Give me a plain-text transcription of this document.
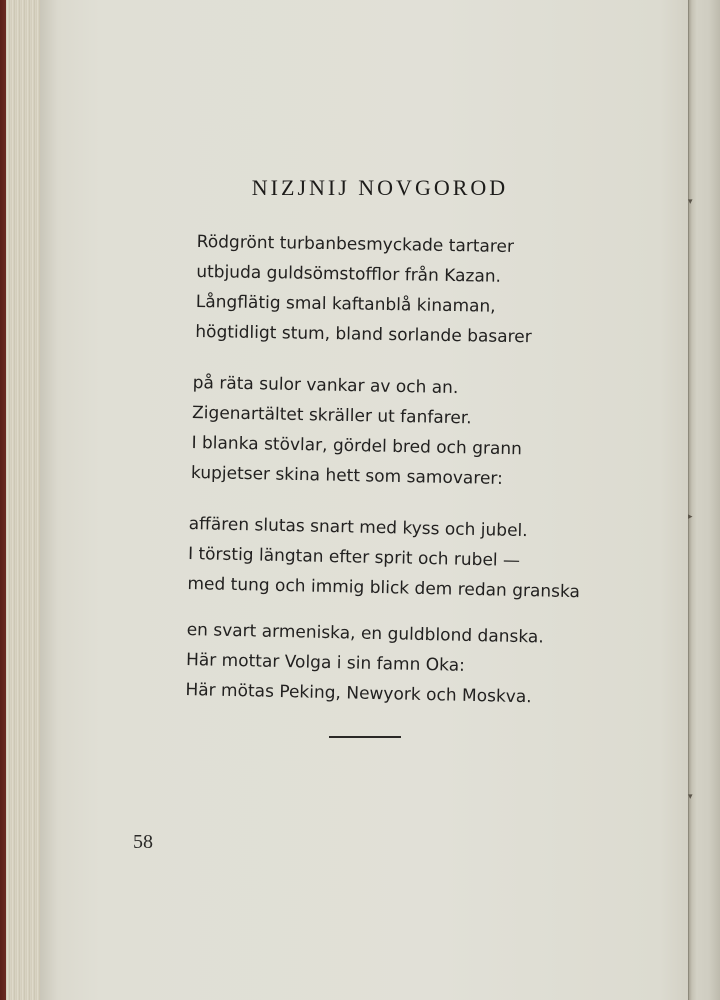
▾
▸
▾
NIZJNIJ NOVGOROD
Rödgrönt turbanbesmyckade tartarer
utbjuda guldsömstofflor från Kazan.
Långflätig smal kaftanblå kinaman,
högtidligt stum, bland sorlande basarer
på räta sulor vankar av och an.
Zigenartältet skräller ut fanfarer.
I blanka stövlar, gördel bred och grann
kupjetser skina hett som samovarer:
affären slutas snart med kyss och jubel.
I törstig längtan efter sprit och rubel —
med tung och immig blick dem redan granska
en svart armeniska, en guldblond danska.
Här mottar Volga i sin famn Oka:
Här mötas Peking, Newyork och Moskva.
58
